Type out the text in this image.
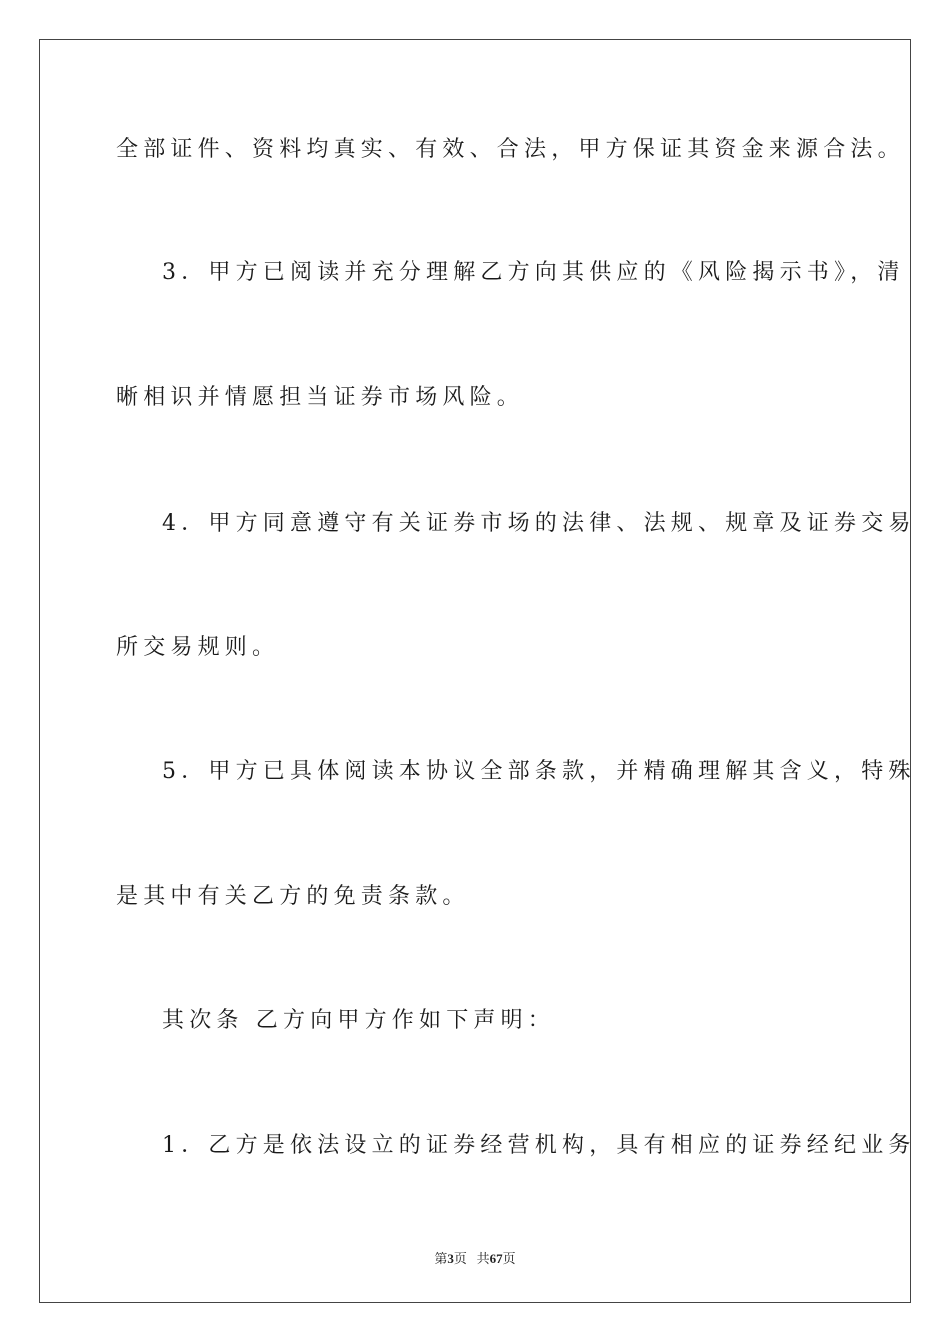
全部证件、资料均真实、有效、合法，甲方保证其资金来源合法。
3．甲方已阅读并充分理解乙方向其供应的《风险揭示书》，清
晰相识并情愿担当证券市场风险。
4．甲方同意遵守有关证券市场的法律、法规、规章及证券交易
所交易规则。
5．甲方已具体阅读本协议全部条款，并精确理解其含义，特殊
是其中有关乙方的免责条款。
其次条 乙方向甲方作如下声明：
1．乙方是依法设立的证券经营机构，具有相应的证券经纪业务
第3页 共67页
